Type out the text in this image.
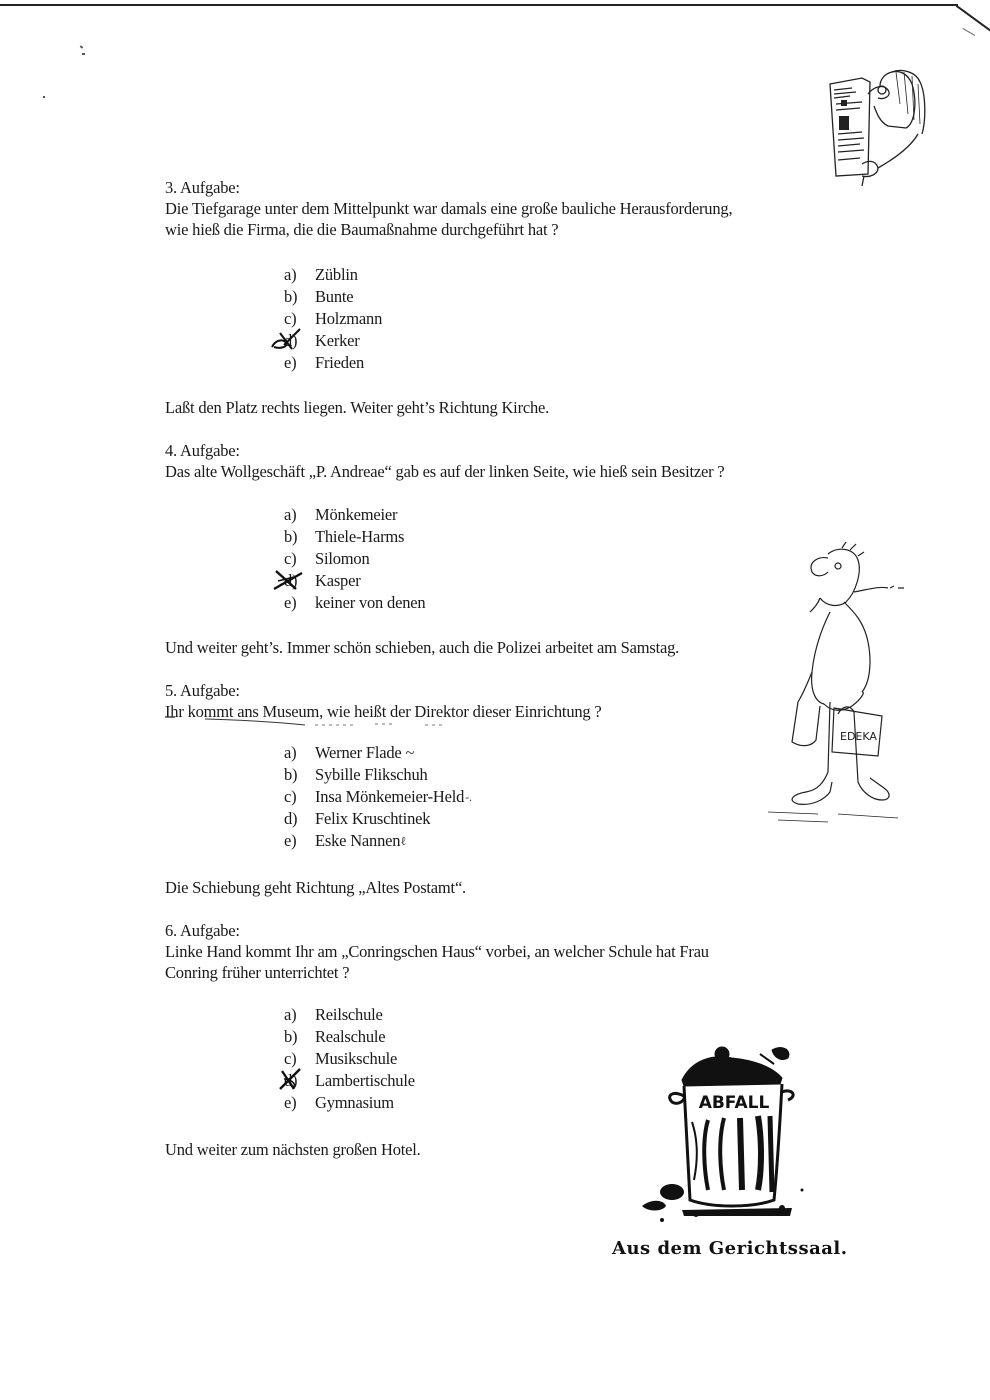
3. Aufgabe:

Die Tiefgarage unter dem Mittelpunkt war damals eine große bauliche Herausforderung,

wie hieß die Firma, die die Baumaßnahme durchgeführt hat ?

a)	Züblin
b)	Bunte
c)	Holzmann
d)	Kerker
e)	Frieden

Laßt den Platz rechts liegen. Weiter geht’s Richtung Kirche.

4. Aufgabe:

Das alte Wollgeschäft „P. Andreae“ gab es auf der linken Seite, wie hieß sein Besitzer ?

a)	Mönkemeier
b)	Thiele-Harms
c)	Silomon
d)	Kasper
e)	keiner von denen

Und weiter geht’s. Immer schön schieben, auch die Polizei arbeitet am Samstag.

EDEKA

5. Aufgabe:

Ihr kommt ans Museum, wie heißt der Direktor dieser Einrichtung ?

a)	Werner Flade ~
b)	Sybille Flikschuh
c)	Insa Mönkemeier-Held -.
d)	Felix Kruschtinek
e)	Eske Nannen ℓ

Die Schiebung geht Richtung „Altes Postamt“.

6. Aufgabe:

Linke Hand kommt Ihr am „Conringschen Haus“ vorbei, an welcher Schule hat Frau

Conring früher unterrichtet ?

a)	Reilschule
b)	Realschule
c)	Musikschule
d)	Lambertischule
e)	Gymnasium

Und weiter zum nächsten großen Hotel.

ABFALL
Aus dem Gerichtssaal.
